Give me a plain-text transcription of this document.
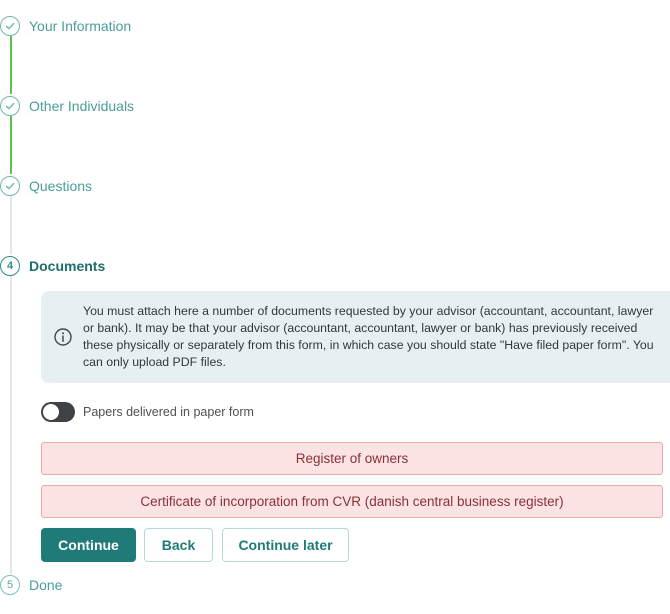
Your Information
Other Individuals
Questions
4	Documents

You must attach here a number of documents requested by your advisor (accountant, accountant, lawyer or bank). It may be that your advisor (accountant, accountant, lawyer or bank) has previously received these physically or separately from this form, in which case you should state "Have filed paper form". You can only upload PDF files.

Papers delivered in paper form
Register of owners
Certificate of incorporation from CVR (danish central business register)
Continue	Back	Continue later
5	Done
